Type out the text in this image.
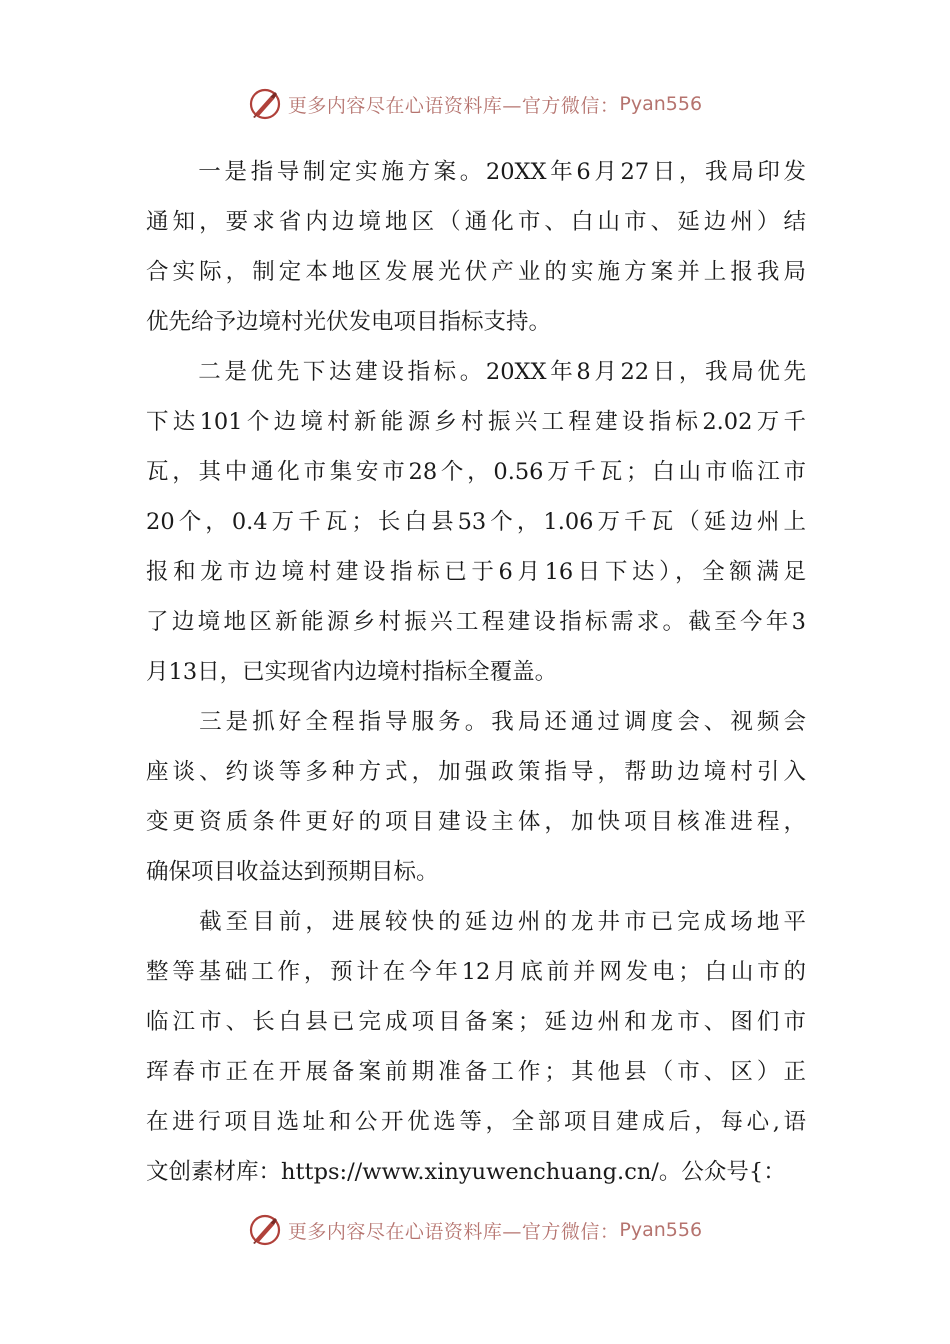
更多内容尽在心语资料库—官方微信： Pyan556
　　一是指导制定实施方案。20XX年6月27日，我局印发
通知，要求省内边境地区（通化市、白山市、延边州）结
合实际，制定本地区发展光伏产业的实施方案并上报我局
优先给予边境村光伏发电项目指标支持。
　　二是优先下达建设指标。20XX年8月22日，我局优先
下达101个边境村新能源乡村振兴工程建设指标2.02万千
瓦，其中通化市集安市28个，0.56万千瓦；白山市临江市
20个，0.4万千瓦；长白县53个，1.06万千瓦（延边州上
报和龙市边境村建设指标已于6月16日下达），全额满足
了边境地区新能源乡村振兴工程建设指标需求。截至今年3
月13日，已实现省内边境村指标全覆盖。
　　三是抓好全程指导服务。我局还通过调度会、视频会
座谈、约谈等多种方式，加强政策指导，帮助边境村引入
变更资质条件更好的项目建设主体，加快项目核准进程，
确保项目收益达到预期目标。
　　截至目前，进展较快的延边州的龙井市已完成场地平
整等基础工作，预计在今年12月底前并网发电；白山市的
临江市、长白县已完成项目备案；延边州和龙市、图们市
珲春市正在开展备案前期准备工作；其他县（市、区）正
在进行项目选址和公开优选等，全部项目建成后，每心,语
文创素材库：https://www.xinyuwenchuang.cn/。公众号{：
更多内容尽在心语资料库—官方微信： Pyan556
